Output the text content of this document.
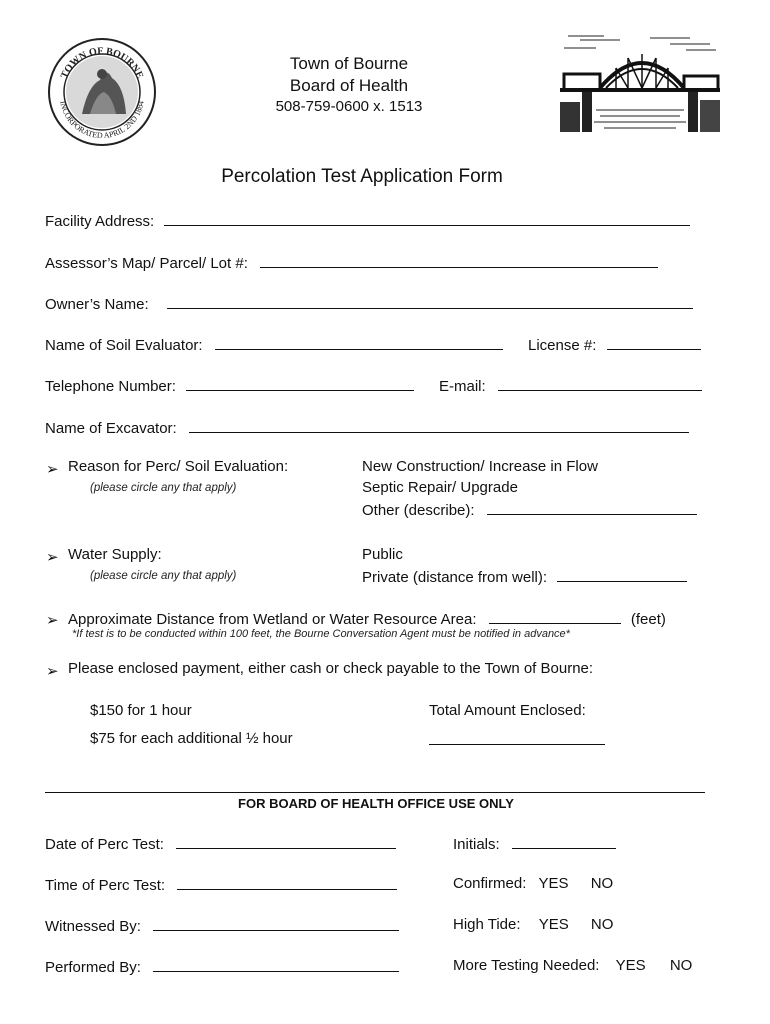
TOWN OF BOURNE
INCORPORATED APRIL 2ND 1884
Town of Bourne
Board of Health
508-759-0600 x. 1513
Percolation Test Application Form
Facility Address:
Assessor’s Map/ Parcel/ Lot #:
Owner’s Name:
Name of Soil Evaluator:	License #:
Telephone Number:	E-mail:
Name of Excavator:
➢ Reason for Perc/ Soil Evaluation:
(please circle any that apply)
New Construction/ Increase in Flow
Septic Repair/ Upgrade
Other (describe):
➢ Water Supply:
(please circle any that apply)
Public
Private (distance from well):
➢ Approximate Distance from Wetland or Water Resource Area:	(feet)
*If test is to be conducted within 100 feet, the Bourne Conversation Agent must be notified in advance*
➢ Please enclosed payment, either cash or check payable to the Town of Bourne:
$150 for 1 hour
$75 for each additional ½ hour
Total Amount Enclosed:
FOR BOARD OF HEALTH OFFICE USE ONLY
Date of Perc Test:	Initials:
Time of Perc Test:	Confirmed: YES NO
Witnessed By:	High Tide: YES NO
Performed By:	More Testing Needed: YES NO
